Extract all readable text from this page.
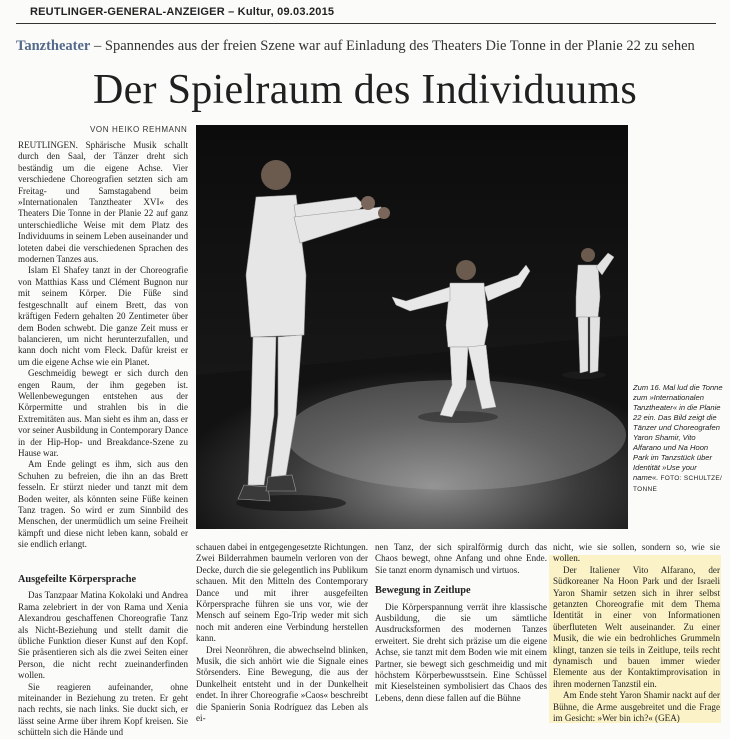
REUTLINGER-GENERAL-ANZEIGER – Kultur, 09.03.2015
Tanztheater – Spannendes aus der freien Szene war auf Einladung des Theaters Die Tonne in der Planie 22 zu sehen
Der Spielraum des Individuums
VON HEIKO REHMANN
Zum 16. Mal lud die Tonne zum »Internationalen Tanztheater« in die Planie 22 ein. Das Bild zeigt die Tänzer und Choreografen Yaron Shamir, Vito Alfarano und Na Hoon Park im Tanzstück über Identität »Use your name«. FOTO: SCHULTZE/ TONNE

REUTLINGEN. Sphärische Musik schallt durch den Saal, der Tänzer dreht sich beständig um die eigene Achse. Vier verschiedene Choreografien setzten sich am Freitag- und Samstagabend beim »Internationalen Tanztheater XVI« des Theaters Die Tonne in der Planie 22 auf ganz unterschiedliche Weise mit dem Platz des Individuums in seinem Leben auseinander und loteten dabei die verschiedenen Sprachen des modernen Tanzes aus.

Islam El Shafey tanzt in der Choreografie von Matthias Kass und Clément Bugnon nur mit seinem Körper. Die Füße sind festgeschnallt auf einem Brett, das von kräftigen Federn gehalten 20 Zentimeter über dem Boden schwebt. Die ganze Zeit muss er balancieren, um nicht herunterzufallen, und kann doch nicht vom Fleck. Dafür kreist er um die eigene Achse wie ein Planet.

Geschmeidig bewegt er sich durch den engen Raum, der ihm gegeben ist. Wellenbewegungen entstehen aus der Körpermitte und strahlen bis in die Extremitäten aus. Man sieht es ihm an, dass er vor seiner Ausbildung in Contemporary Dance in der Hip-Hop- und Breakdance-Szene zu Hause war.

Am Ende gelingt es ihm, sich aus den Schuhen zu befreien, die ihn an das Brett fesseln. Er stürzt nieder und tanzt mit dem Boden weiter, als könnten seine Füße keinen Tanz tragen. So wird er zum Sinnbild des Menschen, der unermüdlich um seine Freiheit kämpft und diese nicht leben kann, sobald er sie endlich erlangt.

Ausgefeilte Körpersprache

Das Tanzpaar Matina Kokolaki und Andrea Rama zelebriert in der von Rama und Xenia Alexandrou geschaffenen Choreografie Tanz als Nicht-Beziehung und stellt damit die übliche Funktion dieser Kunst auf den Kopf. Sie präsentieren sich als die zwei Seiten einer Person, die nicht recht zueinanderfinden wollen.

Sie reagieren aufeinander, ohne miteinander in Beziehung zu treten. Er geht nach rechts, sie nach links. Sie duckt sich, er lässt seine Arme über ihrem Kopf kreisen. Sie schütteln sich die Hände und

schauen dabei in entgegengesetzte Richtungen. Zwei Bilderrahmen baumeln verloren von der Decke, durch die sie gelegentlich ins Publikum schauen. Mit den Mitteln des Contemporary Dance und mit ihrer ausgefeilten Körpersprache führen sie uns vor, wie der Mensch auf seinem Ego-Trip weder mit sich noch mit anderen eine Verbindung herstellen kann.

Drei Neonröhren, die abwechselnd blinken, Musik, die sich anhört wie die Signale eines Störsenders. Eine Bewegung, die aus der Dunkelheit entsteht und in der Dunkelheit endet. In ihrer Choreografie »Caos« beschreibt die Spanierin Sonia Rodríguez das Leben als ei-

nen Tanz, der sich spiralförmig durch das Chaos bewegt, ohne Anfang und ohne Ende. Sie tanzt enorm dynamisch und virtuos.

Bewegung in Zeitlupe

Die Körperspannung verrät ihre klassische Ausbildung, die sie um sämtliche Ausdrucksformen des modernen Tanzes erweitert. Sie dreht sich präzise um die eigene Achse, sie tanzt mit dem Boden wie mit einem Partner, sie bewegt sich geschmeidig und mit höchstem Körperbewusstsein. Eine Schüssel mit Kieselsteinen symbolisiert das Chaos des Lebens, denn diese fallen auf die Bühne

nicht, wie sie sollen, sondern so, wie sie wollen.

Der Italiener Vito Alfarano, der Südkoreaner Na Hoon Park und der Israeli Yaron Shamir setzen sich in ihrer selbst getanzten Choreografie mit dem Thema Identität in einer von Informationen überfluteten Welt auseinander. Zu einer Musik, die wie ein bedrohliches Grummeln klingt, tanzen sie teils in Zeitlupe, teils recht dynamisch und bauen immer wieder Elemente aus der Kontaktimprovisation in ihren modernen Tanzstil ein.

Am Ende steht Yaron Shamir nackt auf der Bühne, die Arme ausgebreitet und die Frage im Gesicht: »Wer bin ich?« (GEA)
